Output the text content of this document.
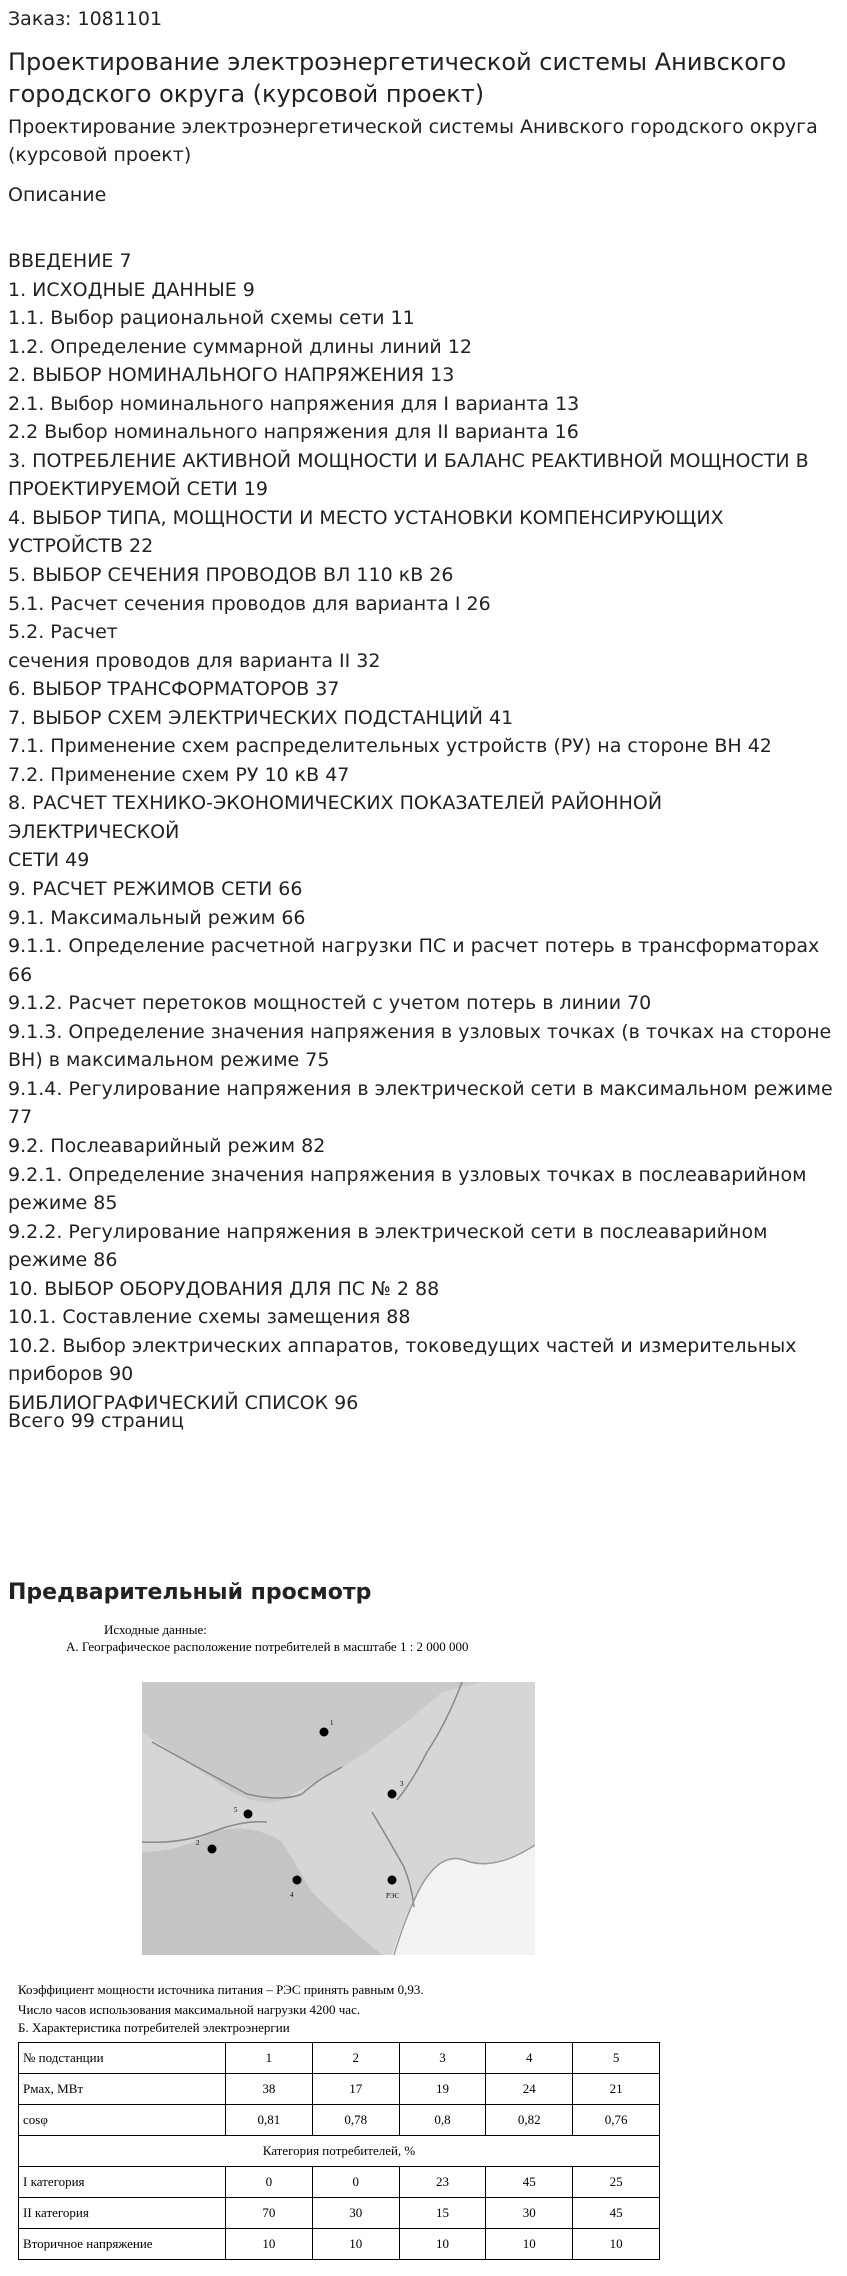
Заказ: 1081101
Проектирование электроэнергетической системы Анивского городского округа (курсовой проект)
Проектирование электроэнергетической системы Анивского городского округа (курсовой проект)
Описание
ВВЕДЕНИЕ 7
1. ИСХОДНЫЕ ДАННЫЕ 9
1.1. Выбор рациональной схемы сети 11
1.2. Определение суммарной длины линий 12
2. ВЫБОР НОМИНАЛЬНОГО НАПРЯЖЕНИЯ 13
2.1. Выбор номинального напряжения для I варианта 13
2.2 Выбор номинального напряжения для II варианта 16
3. ПОТРЕБЛЕНИЕ АКТИВНОЙ МОЩНОСТИ И БАЛАНС РЕАКТИВНОЙ МОЩНОСТИ В
ПРОЕКТИРУЕМОЙ СЕТИ 19
4. ВЫБОР ТИПА, МОЩНОСТИ И МЕСТО УСТАНОВКИ КОМПЕНСИРУЮЩИХ
УСТРОЙСТВ 22
5. ВЫБОР СЕЧЕНИЯ ПРОВОДОВ ВЛ 110 кВ 26
5.1. Расчет сечения проводов для варианта I 26
5.2. Расчет
сечения проводов для варианта II 32
6. ВЫБОР ТРАНСФОРМАТОРОВ 37
7. ВЫБОР СХЕМ ЭЛЕКТРИЧЕСКИХ ПОДСТАНЦИЙ 41
7.1. Применение схем распределительных устройств (РУ) на стороне ВН 42
7.2. Применение схем РУ 10 кВ 47
8. РАСЧЕТ ТЕХНИКО-ЭКОНОМИЧЕСКИХ ПОКАЗАТЕЛЕЙ РАЙОННОЙ ЭЛЕКТРИЧЕСКОЙ
СЕТИ 49
9. РАСЧЕТ РЕЖИМОВ СЕТИ 66
9.1. Максимальный режим 66
9.1.1. Определение расчетной нагрузки ПС и расчет потерь в трансформаторах
66
9.1.2. Расчет перетоков мощностей с учетом потерь в линии 70
9.1.3. Определение значения напряжения в узловых точках (в точках на стороне
ВН) в максимальном режиме 75
9.1.4. Регулирование напряжения в электрической сети в максимальном режиме
77
9.2. Послеаварийный режим 82
9.2.1. Определение значения напряжения в узловых точках в послеаварийном
режиме 85
9.2.2. Регулирование напряжения в электрической сети в послеаварийном
режиме 86
10. ВЫБОР ОБОРУДОВАНИЯ ДЛЯ ПС № 2 88
10.1. Составление схемы замещения 88
10.2. Выбор электрических аппаратов, токоведущих частей и измерительных
приборов 90
БИБЛИОГРАФИЧЕСКИЙ СПИСОК 96
Всего 99 страниц
Предварительный просмотр
Исходные данные:
А. Географическое расположение потребителей в масштабе 1 : 2 000 000
1
5
3
2
4	РЭС
Коэффициент мощности источника питания – РЭС принять равным 0,93.
Число часов использования максимальной нагрузки 4200 час.
Б. Характеристика потребителей электроэнергии
№ подстанции	1	2	3	4	5
Pмах, МВт	38	17	19	24	21
cosφ	0,81	0,78	0,8	0,82	0,76
Категория потребителей, %					
I категория	0	0	23	45	25
II категория	70	30	15	30	45
Вторичное напряжение	10	10	10	10	10
